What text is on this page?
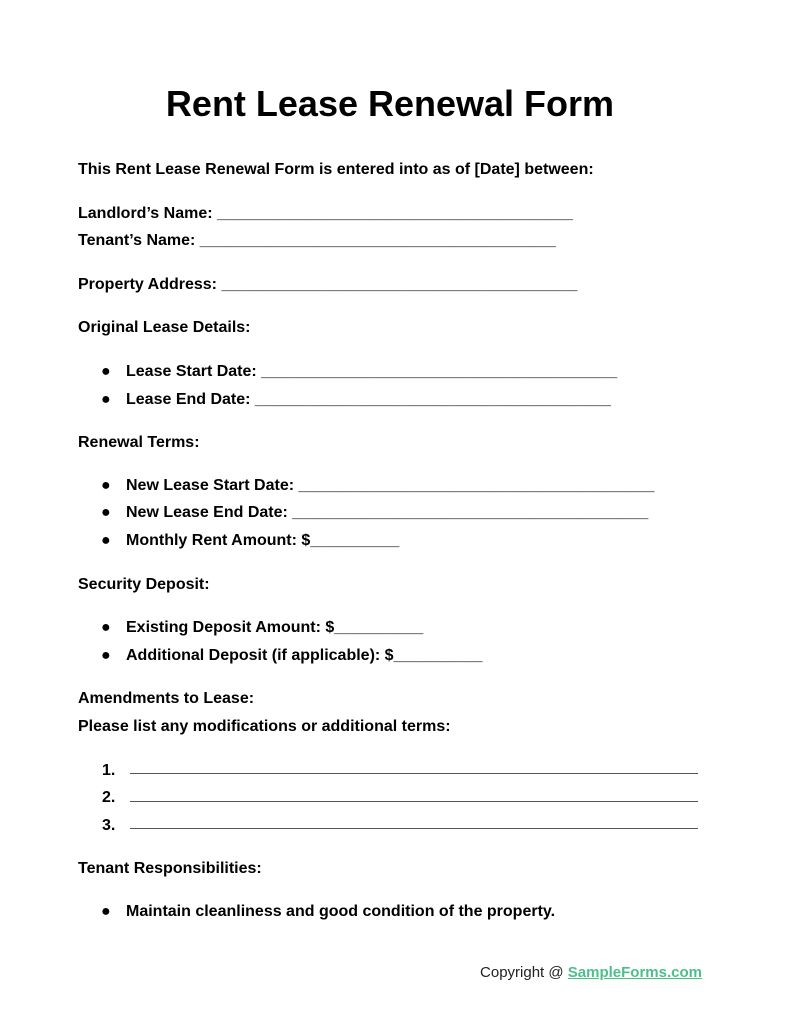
Rent Lease Renewal Form
This Rent Lease Renewal Form is entered into as of [Date] between:
Landlord’s Name: ________________________________________
Tenant’s Name: ________________________________________
Property Address: ________________________________________
Original Lease Details:
● Lease Start Date: ________________________________________
● Lease End Date: ________________________________________
Renewal Terms:
● New Lease Start Date: ________________________________________
● New Lease End Date: ________________________________________
● Monthly Rent Amount: $__________
Security Deposit:
● Existing Deposit Amount: $__________
● Additional Deposit (if applicable): $__________
Amendments to Lease:
Please list any modifications or additional terms:
1.
2.
3.
Tenant Responsibilities:
● Maintain cleanliness and good condition of the property.
Copyright @ SampleForms.com
